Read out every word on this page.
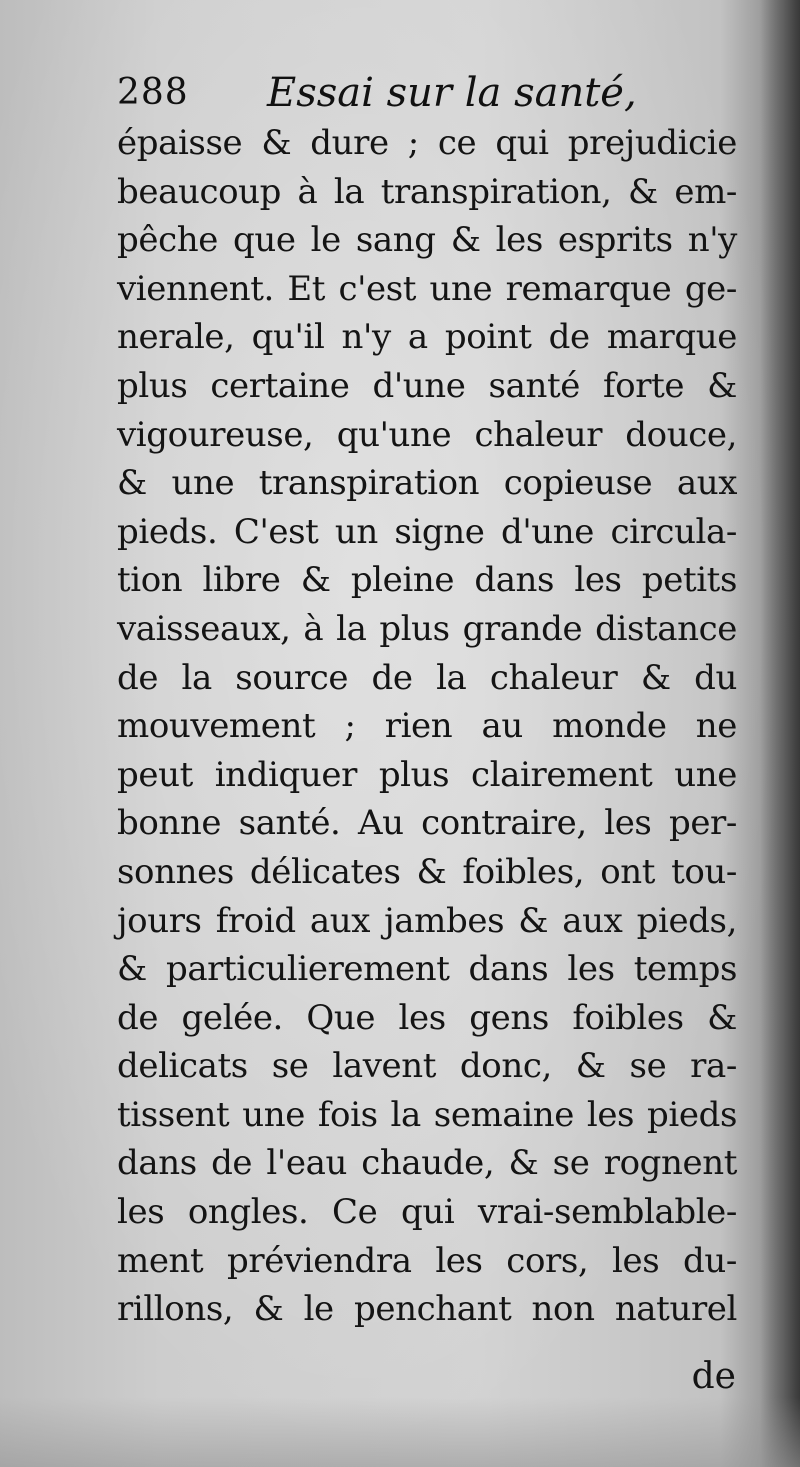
288 Essai sur la santé,
épaisse & dure ; ce qui prejudicie
beaucoup à la transpiration, & em-
pêche que le sang & les esprits n'y
viennent. Et c'est une remarque ge-
nerale, qu'il n'y a point de marque
plus certaine d'une santé forte &
vigoureuse, qu'une chaleur douce,
& une transpiration copieuse aux
pieds. C'est un signe d'une circula-
tion libre & pleine dans les petits
vaisseaux, à la plus grande distance
de la source de la chaleur & du
mouvement ; rien au monde ne
peut indiquer plus clairement une
bonne santé. Au contraire, les per-
sonnes délicates & foibles, ont tou-
jours froid aux jambes & aux pieds,
& particulierement dans les temps
de gelée. Que les gens foibles &
delicats se lavent donc, & se ra-
tissent une fois la semaine les pieds
dans de l'eau chaude, & se rognent
les ongles. Ce qui vrai-semblable-
ment préviendra les cors, les du-
rillons, & le penchant non naturel
de
